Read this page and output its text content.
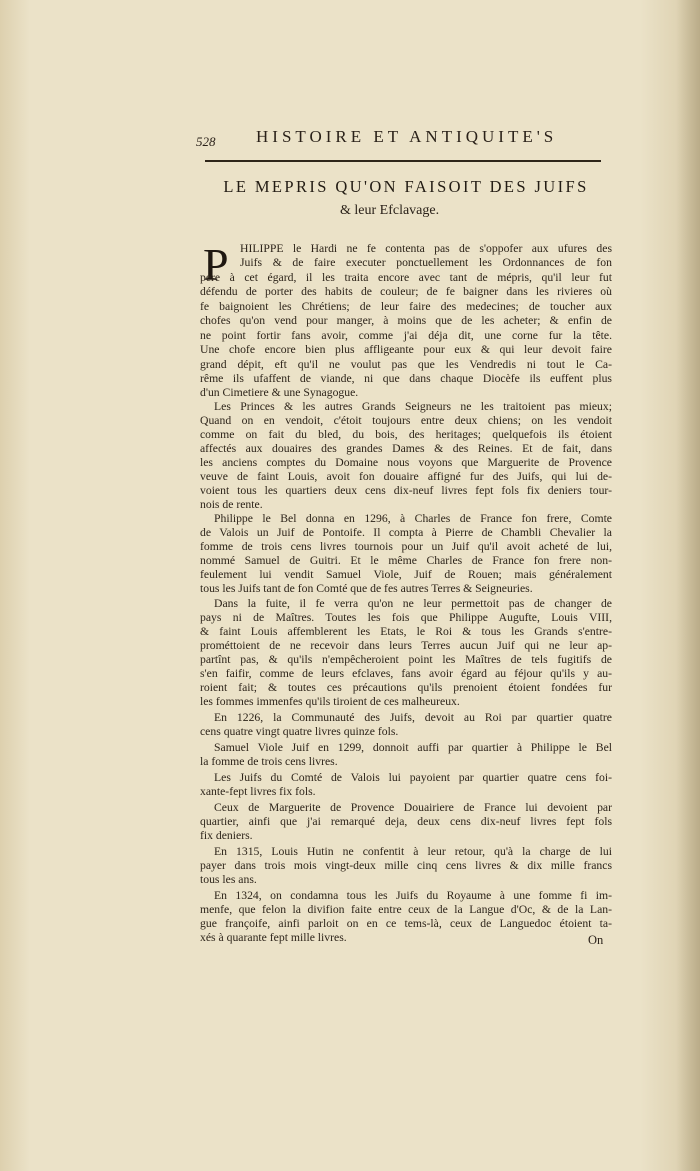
528 HISTOIRE ET ANTIQUITE'S
LE MEPRIS QU'ON FAISOIT DES JUIFS
& leur Efclavage.
P HILIPPE le Hardi ne fe contenta pas de s'oppofer aux ufures des
Juifs & de faire executer ponctuellement les Ordonnances de fon
pere à cet égard, il les traita encore avec tant de mépris, qu'il leur fut
défendu de porter des habits de couleur; de fe baigner dans les rivieres où
fe baignoient les Chrétiens; de leur faire des medecines; de toucher aux
chofes qu'on vend pour manger, à moins que de les acheter; & enfin de
ne point fortir fans avoir, comme j'ai déja dit, une corne fur la tête.
Une chofe encore bien plus affligeante pour eux & qui leur devoit faire
grand dépit, eft qu'il ne voulut pas que les Vendredis ni tout le Ca-
rême ils ufaffent de viande, ni que dans chaque Diocèfe ils euffent plus
d'un Cimetiere & une Synagogue.
Les Princes & les autres Grands Seigneurs ne les traitoient pas mieux;
Quand on en vendoit, c'étoit toujours entre deux chiens; on les vendoit
comme on fait du bled, du bois, des heritages; quelquefois ils étoient
affectés aux douaires des grandes Dames & des Reines. Et de fait, dans
les anciens comptes du Domaine nous voyons que Marguerite de Provence
veuve de faint Louis, avoit fon douaire affigné fur des Juifs, qui lui de-
voient tous les quartiers deux cens dix-neuf livres fept fols fix deniers tour-
nois de rente.
Philippe le Bel donna en 1296, à Charles de France fon frere, Comte
de Valois un Juif de Pontoife. Il compta à Pierre de Chambli Chevalier la
fomme de trois cens livres tournois pour un Juif qu'il avoit acheté de lui,
nommé Samuel de Guitri. Et le même Charles de France fon frere non-
feulement lui vendit Samuel Viole, Juif de Rouen; mais généralement
tous les Juifs tant de fon Comté que de fes autres Terres & Seigneuries.
Dans la fuite, il fe verra qu'on ne leur permettoit pas de changer de
pays ni de Maîtres. Toutes les fois que Philippe Augufte, Louis VIII,
& faint Louis affemblerent les Etats, le Roi & tous les Grands s'entre-
prométtoient de ne recevoir dans leurs Terres aucun Juif qui ne leur ap-
partînt pas, & qu'ils n'empêcheroient point les Maîtres de tels fugitifs de
s'en faifir, comme de leurs efclaves, fans avoir égard au féjour qu'ils y au-
roient fait; & toutes ces précautions qu'ils prenoient étoient fondées fur
les fommes immenfes qu'ils tiroient de ces malheureux.
En 1226, la Communauté des Juifs, devoit au Roi par quartier quatre
cens quatre vingt quatre livres quinze fols.
Samuel Viole Juif en 1299, donnoit auffi par quartier à Philippe le Bel
la fomme de trois cens livres.
Les Juifs du Comté de Valois lui payoient par quartier quatre cens foi-
xante-fept livres fix fols.
Ceux de Marguerite de Provence Douairiere de France lui devoient par
quartier, ainfi que j'ai remarqué deja, deux cens dix-neuf livres fept fols
fix deniers.
En 1315, Louis Hutin ne confentit à leur retour, qu'à la charge de lui
payer dans trois mois vingt-deux mille cinq cens livres & dix mille francs
tous les ans.
En 1324, on condamna tous les Juifs du Royaume à une fomme fi im-
menfe, que felon la divifion faite entre ceux de la Langue d'Oc, & de la Lan-
gue françoife, ainfi parloit on en ce tems-là, ceux de Languedoc étoient ta-
xés à quarante fept mille livres.	On
